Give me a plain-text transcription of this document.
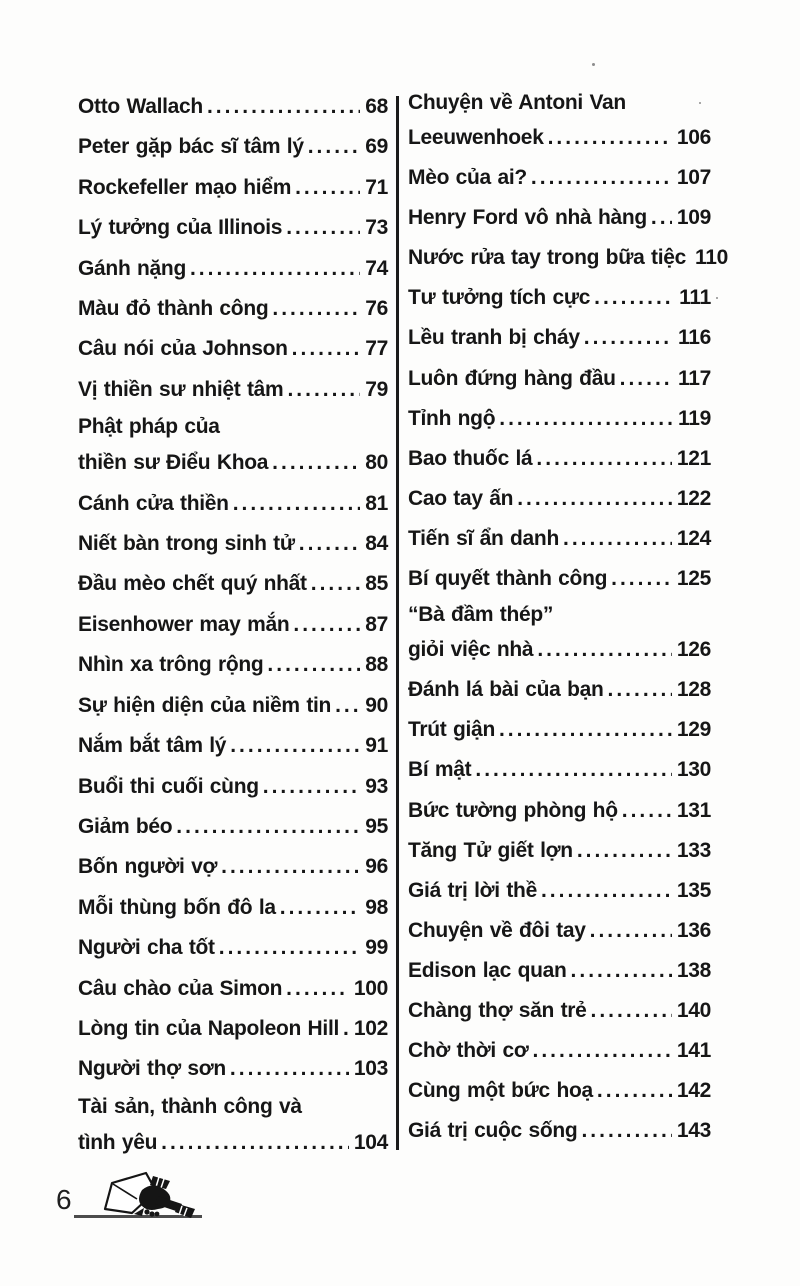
Otto Wallach .....	68
Peter gặp bác sĩ tâm lý .....	69
Rockefeller mạo hiểm .....	71
Lý tưởng của Illinois .....	73
Gánh nặng .....	74
Màu đỏ thành công .....	76
Câu nói của Johnson .....	77
Vị thiền sư nhiệt tâm .....	79
Phật pháp của
thiền sư Điểu Khoa .....	80
Cánh cửa thiền .....	81
Niết bàn trong sinh tử .....	84
Đầu mèo chết quý nhất .....	85
Eisenhower may mắn .....	87
Nhìn xa trông rộng .....	88
Sự hiện diện của niềm tin ..... 90
Nắm bắt tâm lý .....	91
Buổi thi cuối cùng .....	93
Giảm béo .....	95
Bốn người vợ .....	96
Mỗi thùng bốn đô la .....	98
Người cha tốt .....	99
Câu chào của Simon .....	100
Lòng tin của Napoleon Hill ..... 102
Người thợ sơn .....	103
Tài sản, thành công và
tình yêu .....	104
Chuyện về Antoni Van
Leeuwenhoek .....	106
Mèo của ai? .....	107
Henry Ford vô nhà hàng ..... 109
Nước rửa tay trong bữa tiệc 110
Tư tưởng tích cực .....	111
Lều tranh bị cháy .....	116
Luôn đứng hàng đầu .....	117
Tỉnh ngộ .....	119
Bao thuốc lá .....	121
Cao tay ấn .....	122
Tiến sĩ ẩn danh .....	124
Bí quyết thành công .....	125
“Bà đầm thép”
giỏi việc nhà .....	126
Đánh lá bài của bạn .....	128
Trút giận .....	129
Bí mật .....	130
Bức tường phòng hộ .....	131
Tăng Tử giết lợn .....	133
Giá trị lời thề .....	135
Chuyện về đôi tay .....	136
Edison lạc quan .....	138
Chàng thợ săn trẻ .....	140
Chờ thời cơ .....	141
Cùng một bức hoạ .....	142
Giá trị cuộc sống .....	143
6
